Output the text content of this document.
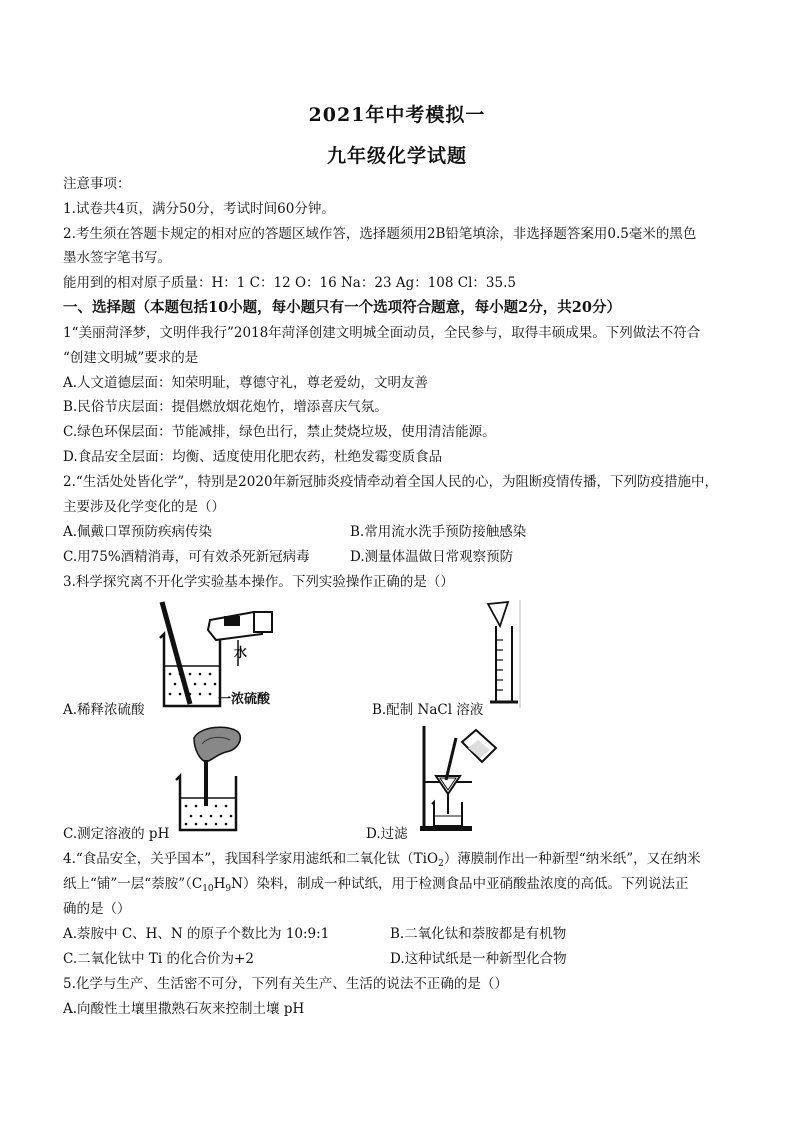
2021年中考模拟一
九年级化学试题
注意事项：
1.试卷共4页，满分50分，考试时间60分钟。
2.考生须在答题卡规定的相对应的答题区域作答，选择题须用2B铅笔填涂，非选择题答案用0.5毫米的黑色
墨水签字笔书写。
能用到的相对原子质量：H：1 C：12 O：16 Na：23 Ag：108 Cl：35.5
一、选择题（本题包括10小题，每小题只有一个选项符合题意，每小题2分，共20分）
1“美丽菏泽梦，文明伴我行”2018年菏泽创建文明城全面动员，全民参与，取得丰硕成果。下列做法不符合
“创建文明城”要求的是
A.人文道德层面：知荣明耻，尊德守礼，尊老爱幼，文明友善
B.民俗节庆层面：提倡燃放烟花炮竹，增添喜庆气氛。
C.绿色环保层面：节能减排，绿色出行，禁止焚烧垃圾，使用清洁能源。
D.食品安全层面：均衡、适度使用化肥农药，杜绝发霉变质食品
2.“生活处处皆化学”，特别是2020年新冠肺炎疫情牵动着全国人民的心，为阻断疫情传播，下列防疫措施中，
主要涉及化学变化的是（）
A.佩戴口罩预防疾病传染	B.常用流水洗手预防接触感染
C.用75%酒精消毒，可有效杀死新冠病毒	D.测量体温做日常观察预防
3.科学探究离不开化学实验基本操作。下列实验操作正确的是（）
水
一浓硫酸
A.稀释浓硫酸	B.配制 NaCl 溶液
C.测定溶液的 pH	D.过滤
4.“食品安全，关乎国本”，我国科学家用滤纸和二氧化钛（TiO$_2$）薄膜制作出一种新型“纳米纸”，又在纳米
纸上“铺”一层“萘胺$”(C_{10}H_9N)$染料，制成一种试纸，用于检测食品中亚硝酸盐浓度的高低。下列说法正
确的是（）
A.萘胺中 C、H、N 的原子个数比为 10:9:1	B.二氧化钛和萘胺都是有机物
C.二氧化钛中 Ti 的化合价为+2	D.这种试纸是一种新型化合物
5.化学与生产、生活密不可分，下列有关生产、生活的说法不正确的是（）
A.向酸性土壤里撒熟石灰来控制土壤 pH
